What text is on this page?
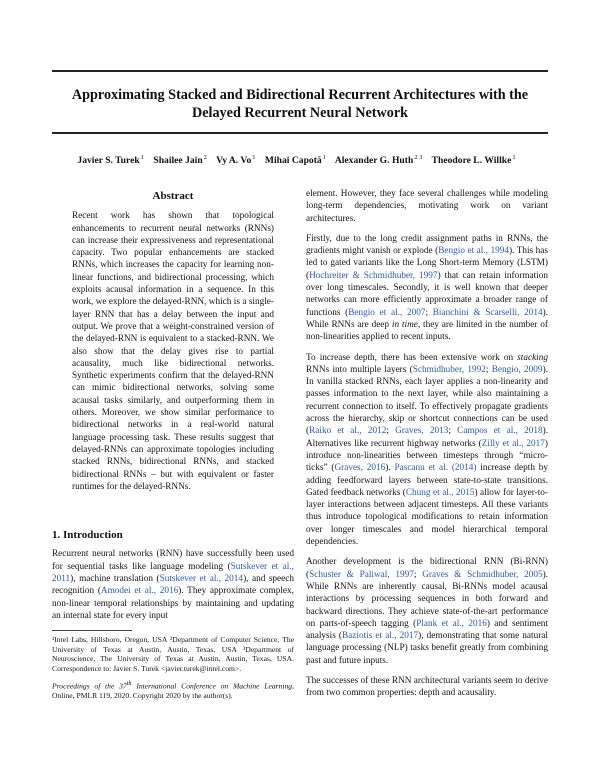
Approximating Stacked and Bidirectional Recurrent Architectures with the
Delayed Recurrent Neural Network
Javier S. Turek$^1$ Shailee Jain$^2$ Vy A. Vo$^1$ Mihai Capotă$^1$ Alexander G. Huth$^{2 3}$ Theodore L. Willke$^1$
Abstract

Recent work has shown that topological enhancements to recurrent neural networks (RNNs) can increase their expressiveness and representational capacity. Two popular enhancements are stacked RNNs, which increases the capacity for learning non-linear functions, and bidirectional processing, which exploits acausal information in a sequence. In this work, we explore the delayed-RNN, which is a single-layer RNN that has a delay between the input and output. We prove that a weight-constrained version of the delayed-RNN is equivalent to a stacked-RNN. We also show that the delay gives rise to partial acausality, much like bidirectional networks. Synthetic experiments confirm that the delayed-RNN can mimic bidirectional networks, solving some acausal tasks similarly, and outperforming them in others. Moreover, we show similar performance to bidirectional networks in a real-world natural language processing task. These results suggest that delayed-RNNs can approximate topologies including stacked RNNs, bidirectional RNNs, and stacked bidirectional RNNs – but with equivalent or faster runtimes for the delayed-RNNs.

1. Introduction

Recurrent neural networks (RNN) have successfully been used for sequential tasks like language modeling (Sutskever et al., 2011), machine translation (Sutskever et al., 2014), and speech recognition (Amodei et al., 2016). They approximate complex, non-linear temporal relationships by maintaining and updating an internal state for every input

¹Intel Labs, Hillsboro, Oregon, USA ²Department of Computer Science, The University of Texas at Austin, Austin, Texas, USA ³Department of Neuroscience, The University of Texas at Austin, Austin, Texas, USA. Correspondence to: Javier S. Turek <javier.turek@intel.com>.

Proceedings of the 37th International Conference on Machine Learning, Online, PMLR 119, 2020. Copyright 2020 by the author(s).

element. However, they face several challenges while modeling long-term dependencies, motivating work on variant architectures.

Firstly, due to the long credit assignment paths in RNNs, the gradients might vanish or explode (Bengio et al., 1994). This has led to gated variants like the Long Short-term Memory (LSTM) (Hochreiter & Schmidhuber, 1997) that can retain information over long timescales. Secondly, it is well known that deeper networks can more efficiently approximate a broader range of functions (Bengio et al., 2007; Bianchini & Scarselli, 2014). While RNNs are deep in time, they are limited in the number of non-linearities applied to recent inputs.

To increase depth, there has been extensive work on stacking RNNs into multiple layers (Schmidhuber, 1992; Bengio, 2009). In vanilla stacked RNNs, each layer applies a non-linearity and passes information to the next layer, while also maintaining a recurrent connection to itself. To effectively propagate gradients across the hierarchy, skip or shortcut connections can be used (Raiko et al., 2012; Graves, 2013; Campos et al., 2018). Alternatives like recurrent highway networks (Zilly et al., 2017) introduce non-linearities between timesteps through “micro-ticks” (Graves, 2016). Pascanu et al. (2014) increase depth by adding feedforward layers between state-to-state transitions. Gated feedback networks (Chung et al., 2015) allow for layer-to-layer interactions between adjacent timesteps. All these variants thus introduce topological modifications to retain information over longer timescales and model hierarchical temporal dependencies.

Another development is the bidirectional RNN (Bi-RNN) (Schuster & Paliwal, 1997; Graves & Schmidhuber, 2005). While RNNs are inherently causal, Bi-RNNs model acausal interactions by processing sequences in both forward and backward directions. They achieve state-of-the-art performance on parts-of-speech tagging (Plank et al., 2016) and sentiment analysis (Baziotis et al., 2017), demonstrating that some natural language processing (NLP) tasks benefit greatly from combining past and future inputs.

The successes of these RNN architectural variants seem to derive from two common properties: depth and acausality.
